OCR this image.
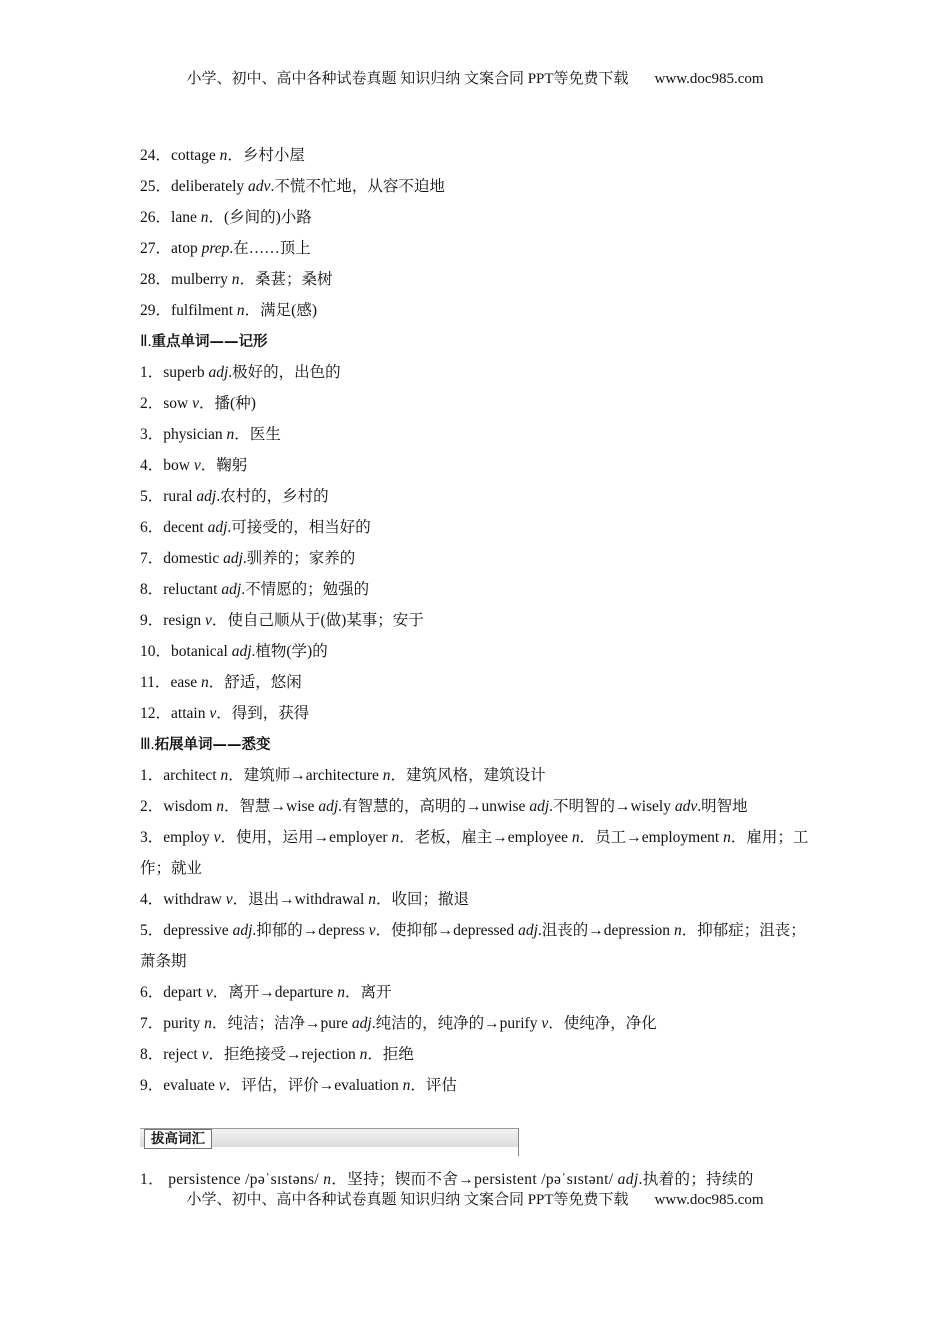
小学、初中、高中各种试卷真题 知识归纳 文案合同 PPT等免费下载 www.doc985.com
24．cottage n．乡村小屋
25．deliberately adv.不慌不忙地，从容不迫地
26．lane n．(乡间的)小路
27．atop prep.在……顶上
28．mulberry n．桑葚；桑树
29．fulfilment n．满足(感)
Ⅱ.重点单词——记形
1．superb adj.极好的，出色的
2．sow v．播(种)
3．physician n．医生
4．bow v．鞠躬
5．rural adj.农村的，乡村的
6．decent adj.可接受的，相当好的
7．domestic adj.驯养的；家养的
8．reluctant adj.不情愿的；勉强的
9．resign v．使自己顺从于(做)某事；安于
10．botanical adj.植物(学)的
11．ease n．舒适，悠闲
12．attain v．得到，获得
Ⅲ.拓展单词——悉变
1．architect n．建筑师→architecture n．建筑风格，建筑设计
2．wisdom n．智慧→wise adj.有智慧的，高明的→unwise adj.不明智的→wisely adv.明智地
3．employ v．使用，运用→employer n．老板，雇主→employee n．员工→employment n．雇用；工作；就业
4．withdraw v．退出→withdrawal n．收回；撤退
5．depressive adj.抑郁的→depress v．使抑郁→depressed adj.沮丧的→depression n．抑郁症；沮丧；萧条期
6．depart v．离开→departure n．离开
7．purity n．纯洁；洁净→pure adj.纯洁的，纯净的→purify v．使纯净，净化
8．reject v．拒绝接受→rejection n．拒绝
9．evaluate v．评估，评价→evaluation n．评估
拔高词汇
1． persistence /pəˈsɪstəns/ n．坚持；锲而不舍→persistent /pəˈsɪstənt/ adj.执着的；持续的
小学、初中、高中各种试卷真题 知识归纳 文案合同 PPT等免费下载 www.doc985.com
